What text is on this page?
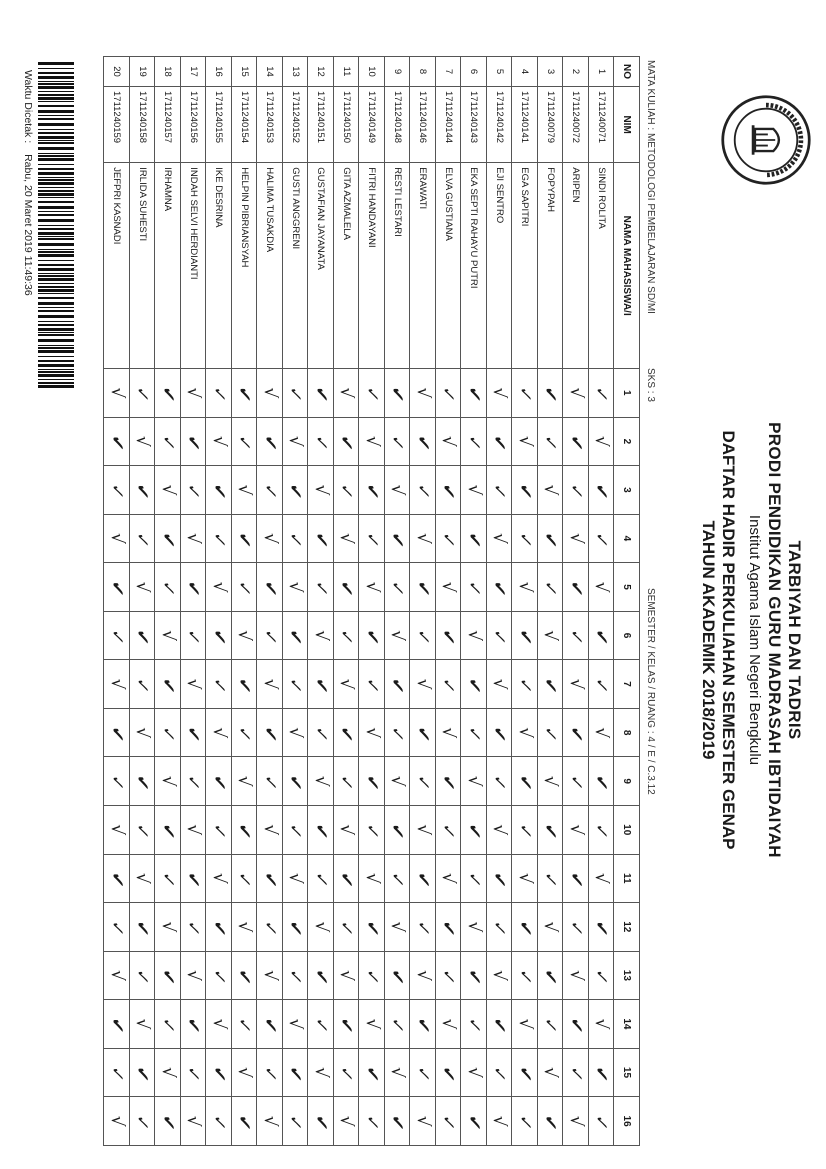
TARBIYAH DAN TADRIS
PRODI PENDIDIKAN GURU MADRASAH IBTIDAIYAH
Institut Agama Islam Negeri Bengkulu
DAFTAR HADIR PERKULIAHAN SEMESTER GENAP
TAHUN AKADEMIK 2018/2019
MATA KULIAH : METODOLOGI PEMBELAJARAN SD/MI
SKS : 3
SEMESTER / KELAS / RUANG : 4 / E / C.3.12
NO	NIM	NAMA MAHASISWA/I	1	2	3	4	5	6	7	8	9	10	11	12	13	14	15	16
1	1711240071	SINDI ROLITA	✓	√	✔	✓	√	✔	✓	√	✔	✓	√	✔	✓	√	✔	✓
2	1711240072	ARIPEN	√	✔	✓	√	✔	✓	√	✔	✓	√	✔	✓	√	✔	✓	√
3	1711240079	FOPYPAH	✔	✓	√	✔	✓	√	✔	✓	√	✔	✓	√	✔	✓	√	✔
4	1711240141	EGA SAPITRI	✓	√	✔	✓	√	✔	✓	√	✔	✓	√	✔	✓	√	✔	✓
5	1711240142	EJI SENTRO	√	✔	✓	√	✔	✓	√	✔	✓	√	✔	✓	√	✔	✓	√
6	1711240143	EKA SEPTI RAHAYU PUTRI	✔	✓	√	✔	✓	√	✔	✓	√	✔	✓	√	✔	✓	√	✔
7	1711240144	ELVA GUSTIANA	✓	√	✔	✓	√	✔	✓	√	✔	✓	√	✔	✓	√	✔	✓
8	1711240146	ERAWATI	√	✔	✓	√	✔	✓	√	✔	✓	√	✔	✓	√	✔	✓	√
9	1711240148	RESTI LESTARI	✔	✓	√	✔	✓	√	✔	✓	√	✔	✓	√	✔	✓	√	✔
10	1711240149	FITRI HANDAYANI	✓	√	✔	✓	√	✔	✓	√	✔	✓	√	✔	✓	√	✔	✓
11	1711240150	GITA AZMALELA	√	✔	✓	√	✔	✓	√	✔	✓	√	✔	✓	√	✔	✓	√
12	1711240151	GUSTAFIAN JAYANATA	✔	✓	√	✔	✓	√	✔	✓	√	✔	✓	√	✔	✓	√	✔
13	1711240152	GUSTI ANGGRENI	✓	√	✔	✓	√	✔	✓	√	✔	✓	√	✔	✓	√	✔	✓
14	1711240153	HALIMA TUSAKDIA	√	✔	✓	√	✔	✓	√	✔	✓	√	✔	✓	√	✔	✓	√
15	1711240154	HELPIN PIBRIANSYAH	✔	✓	√	✔	✓	√	✔	✓	√	✔	✓	√	✔	✓	√	✔
16	1711240155	IKE DESRINA	✓	√	✔	✓	√	✔	✓	√	✔	✓	√	✔	✓	√	✔	✓
17	1711240156	INDAH SELVI HERDIANTI	√	✔	✓	√	✔	✓	√	✔	✓	√	✔	✓	√	✔	✓	√
18	1711240157	IRHAMNA	✔	✓	√	✔	✓	√	✔	✓	√	✔	✓	√	✔	✓	√	✔
19	1711240158	IRLIDA SUHESTI	✓	√	✔	✓	√	✔	✓	√	✔	✓	√	✔	✓	√	✔	✓
20	1711240159	JEFPRI KASNADI	√	✔	✓	√	✔	✓	√	✔	✓	√	✔	✓	√	✔	✓	√
Waktu Dicetak : Rabu, 20 Maret 2019 11:49:36
